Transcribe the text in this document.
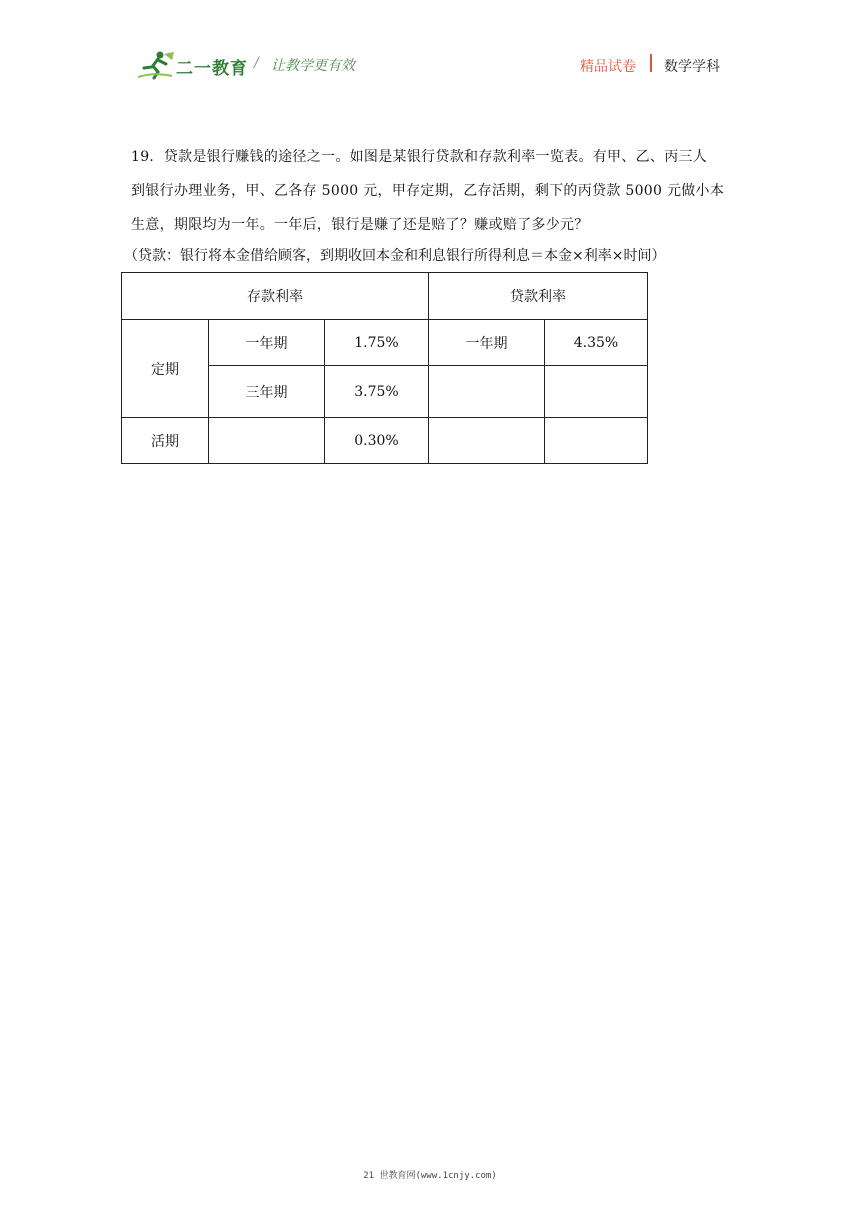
二一教育 / 让教学更有效	精品试卷 数学学科
19．贷款是银行赚钱的途径之一。如图是某银行贷款和存款利率一览表。有甲、乙、丙三人
到银行办理业务，甲、乙各存 5000 元，甲存定期，乙存活期，剩下的丙贷款 5000 元做小本
生意，期限均为一年。一年后，银行是赚了还是赔了？赚或赔了多少元？
（贷款：银行将本金借给顾客，到期收回本金和利息银行所得利息＝本金×利率×时间）
存款利率			贷款利率	
定期	一年期	1.75%	一年期	4.35%
	三年期	3.75%		
活期		0.30%		
21 世教育网(www.1cnjy.com)
